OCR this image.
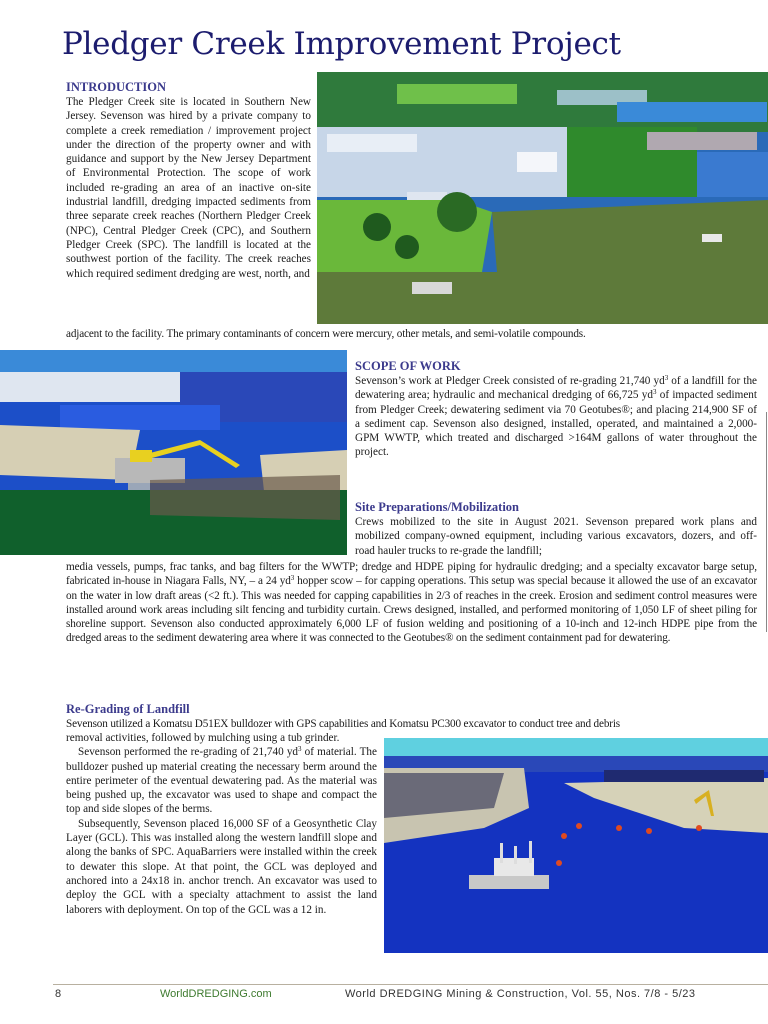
Pledger Creek Improvement Project
INTRODUCTION

The Pledger Creek site is located in Southern New Jersey. Sevenson was hired by a private company to complete a creek remediation / improvement project under the direction of the property owner and with guidance and support by the New Jersey Department of Environmental Protection. The scope of work included re-grading an area of an inactive on-site industrial landfill, dredging impacted sediments from three separate creek reaches (Northern Pledger Creek (NPC), Central Pledger Creek (CPC), and Southern Pledger Creek (SPC). The landfill is located at the southwest portion of the facility. The creek reaches which required sediment dredging are west, north, and

adjacent to the facility. The primary contaminants of concern were mercury, other metals, and semi-volatile compounds.

SCOPE OF WORK

Sevenson’s work at Pledger Creek consisted of re-grading 21,740 $yd^3$ of a landfill for the dewatering area; hydraulic and mechanical dredging of 66,725 $yd^3$ of impacted sediment from Pledger Creek; dewatering sediment via 70 Geotubes®; and placing 214,900 SF of a sediment cap. Sevenson also designed, installed, operated, and maintained a 2,000-GPM WWTP, which treated and discharged >164M gallons of water throughout the project.

Site Preparations/Mobilization

Crews mobilized to the site in August 2021. Sevenson prepared work plans and mobilized company-owned equipment, including various excavators, dozers, and off-road hauler trucks to re-grade the landfill;

media vessels, pumps, frac tanks, and bag filters for the WWTP; dredge and HDPE piping for hydraulic dredging; and a specialty excavator barge setup, fabricated in-house in Niagara Falls, NY, – a 24 $yd^3$ hopper scow – for capping operations. This setup was special because it allowed the use of an excavator on the water in low draft areas (<2 ft.). This was needed for capping capabilities in 2/3 of reaches in the creek. Erosion and sediment control measures were installed around work areas including silt fencing and turbidity curtain. Crews designed, installed, and performed monitoring of 1,050 LF of sheet piling for shoreline support. Sevenson also conducted approximately 6,000 LF of fusion welding and positioning of a 10-inch and 12-inch HDPE pipe from the dredged areas to the sediment dewatering area where it was connected to the Geotubes® on the sediment containment pad for dewatering.

Re-Grading of Landfill

Sevenson utilized a Komatsu D51EX bulldozer with GPS capabilities and Komatsu PC300 excavator to conduct tree and debris

removal activities, followed by mulching using a tub grinder.

Sevenson performed the re-grading of 21,740 $yd^3$ of material. The bulldozer pushed up material creating the necessary berm around the entire perimeter of the eventual dewatering pad. As the material was being pushed up, the excavator was used to shape and compact the top and side slopes of the berms.

Subsequently, Sevenson placed 16,000 SF of a Geosynthetic Clay Layer (GCL). This was installed along the western landfill slope and along the banks of SPC. AquaBarriers were installed within the creek to dewater this slope. At that point, the GCL was deployed and anchored into a 24x18 in. anchor trench. An excavator was used to deploy the GCL with a specialty attachment to assist the land laborers with deployment. On top of the GCL was a 12 in.

8	WorldDREDGING.com	World DREDGING Mining & Construction, Vol. 55, Nos. 7/8 - 5/23
